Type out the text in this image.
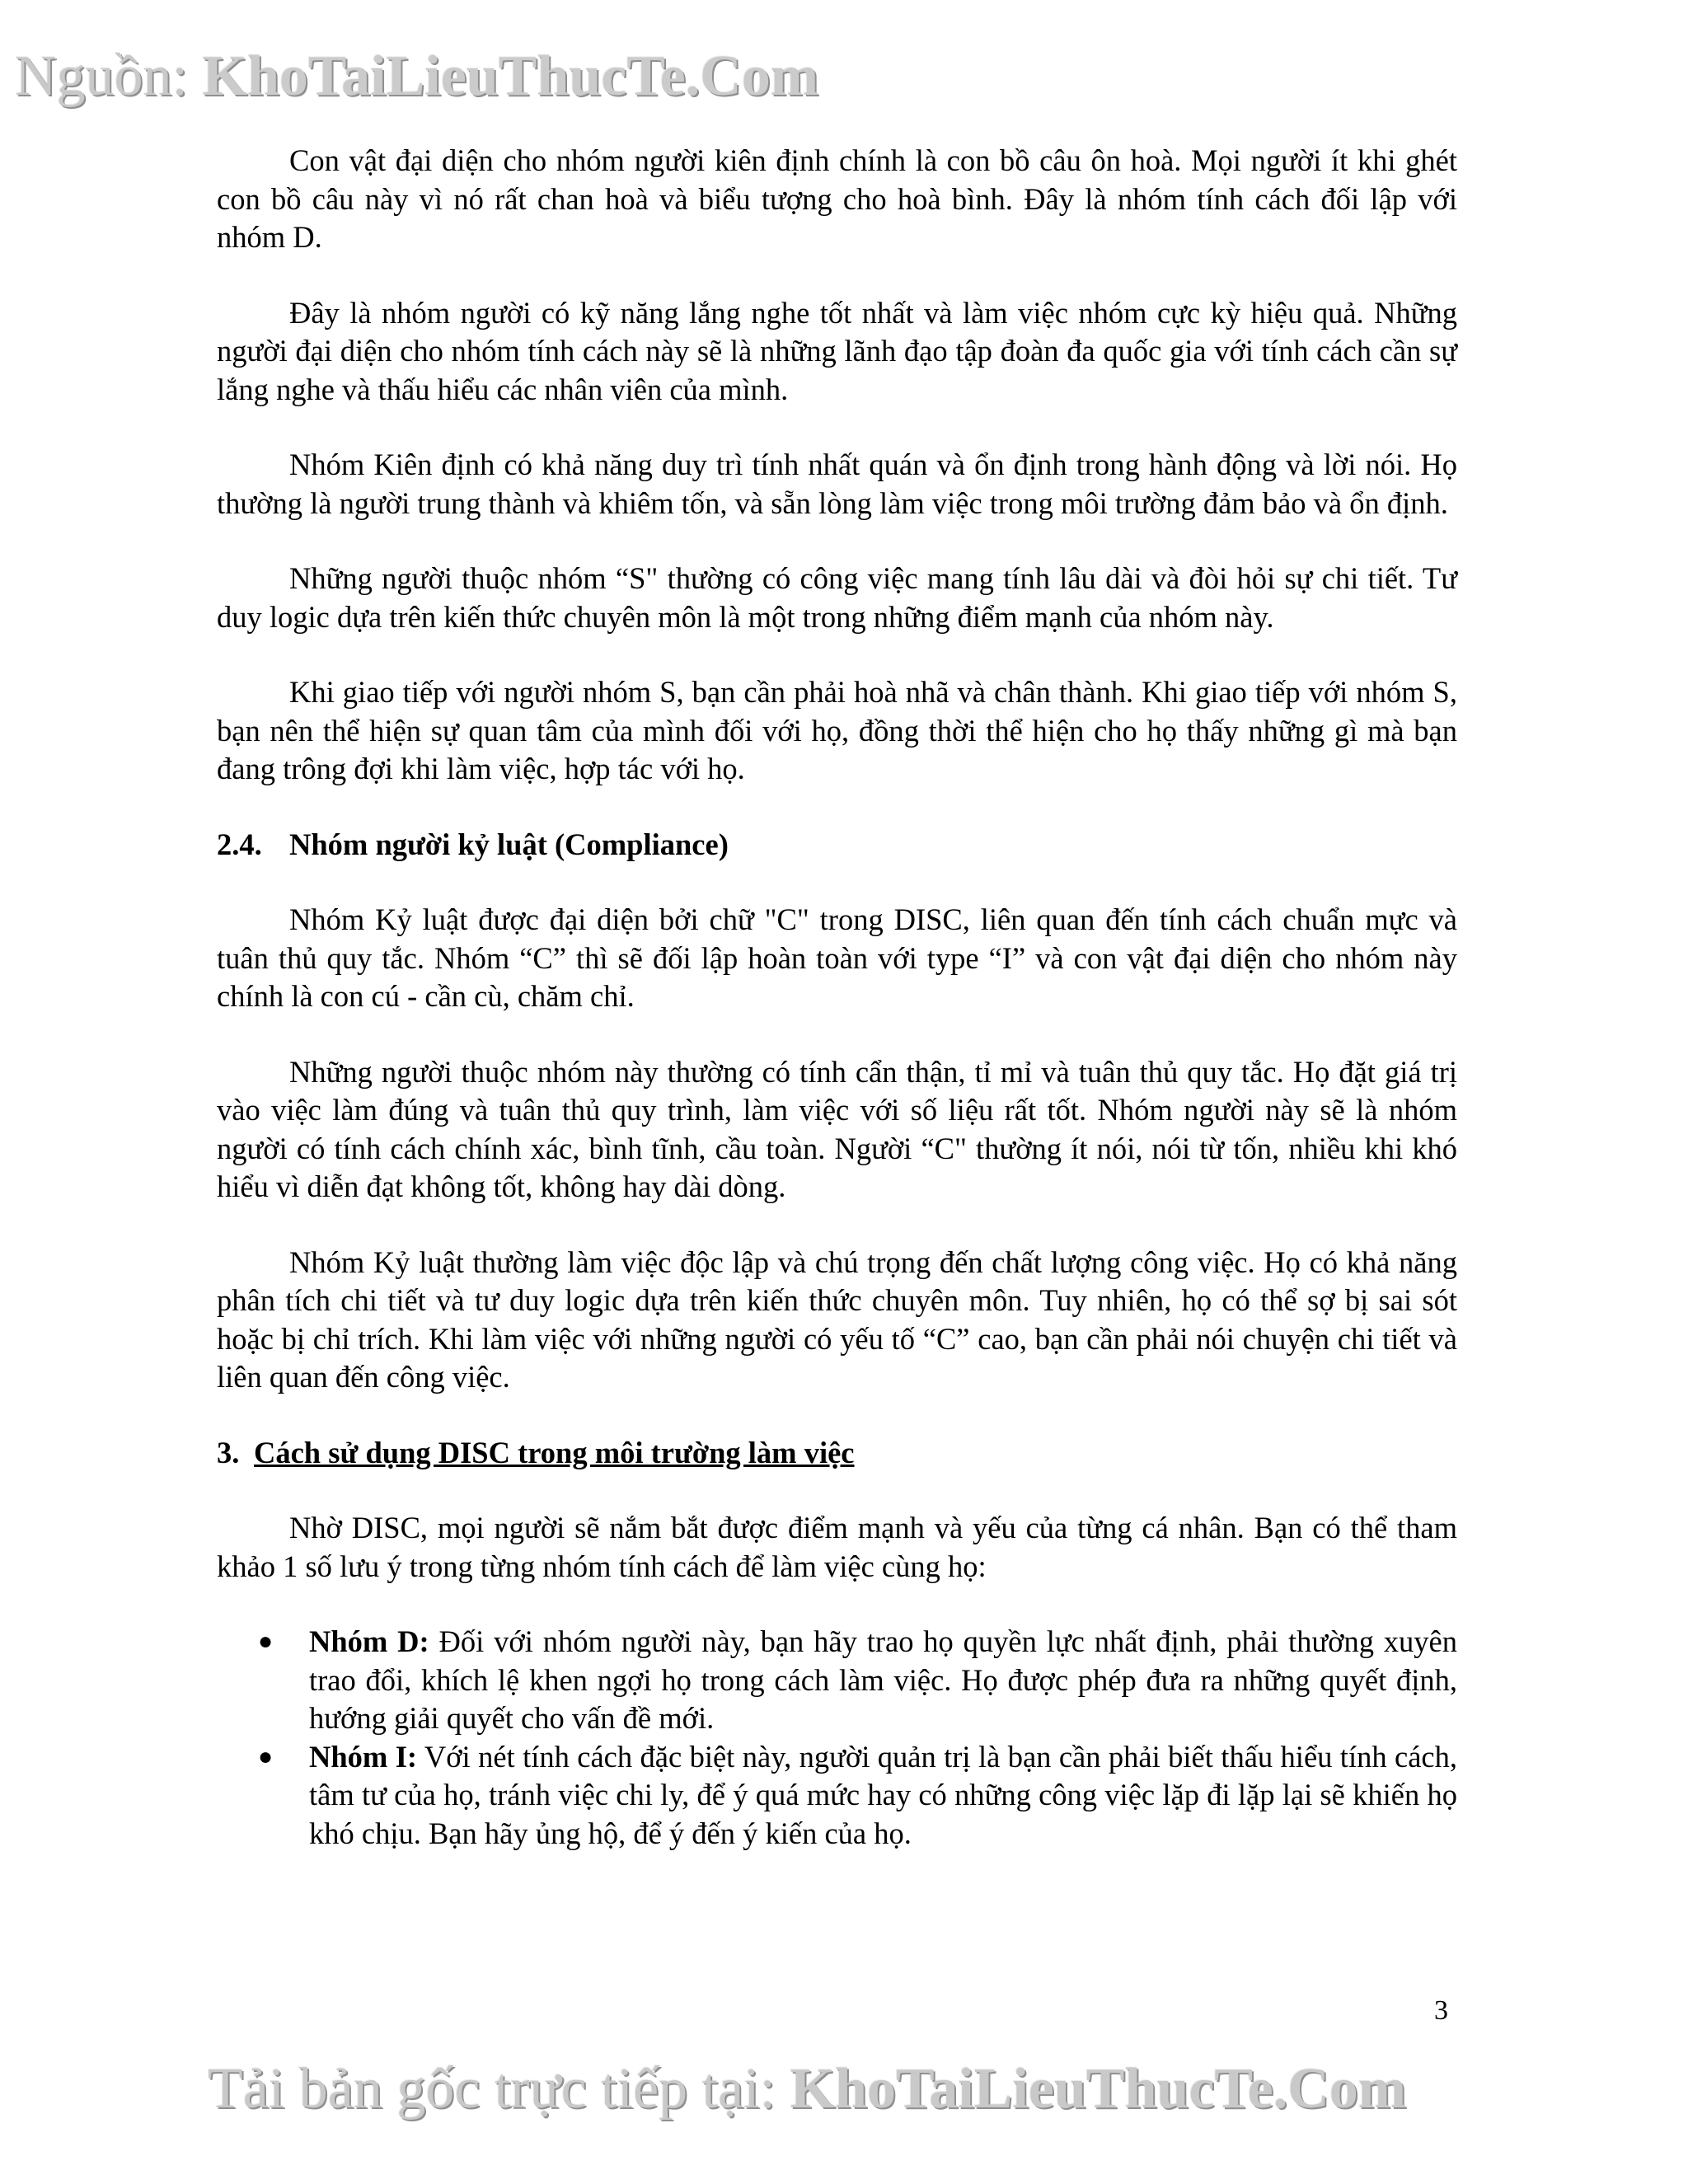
Nguồn: KhoTaiLieuThucTe.Com

Con vật đại diện cho nhóm người kiên định chính là con bồ câu ôn hoà. Mọi người ít khi ghét con bồ câu này vì nó rất chan hoà và biểu tượng cho hoà bình. Đây là nhóm tính cách đối lập với nhóm D.

Đây là nhóm người có kỹ năng lắng nghe tốt nhất và làm việc nhóm cực kỳ hiệu quả. Những người đại diện cho nhóm tính cách này sẽ là những lãnh đạo tập đoàn đa quốc gia với tính cách cần sự lắng nghe và thấu hiểu các nhân viên của mình.

Nhóm Kiên định có khả năng duy trì tính nhất quán và ổn định trong hành động và lời nói. Họ thường là người trung thành và khiêm tốn, và sẵn lòng làm việc trong môi trường đảm bảo và ổn định.

Những người thuộc nhóm “S" thường có công việc mang tính lâu dài và đòi hỏi sự chi tiết. Tư duy logic dựa trên kiến thức chuyên môn là một trong những điểm mạnh của nhóm này.

Khi giao tiếp với người nhóm S, bạn cần phải hoà nhã và chân thành. Khi giao tiếp với nhóm S, bạn nên thể hiện sự quan tâm của mình đối với họ, đồng thời thể hiện cho họ thấy những gì mà bạn đang trông đợi khi làm việc, hợp tác với họ.

2.4. Nhóm người kỷ luật (Compliance)

Nhóm Kỷ luật được đại diện bởi chữ "C" trong DISC, liên quan đến tính cách chuẩn mực và tuân thủ quy tắc. Nhóm “C” thì sẽ đối lập hoàn toàn với type “I” và con vật đại diện cho nhóm này chính là con cú - cần cù, chăm chỉ.

Những người thuộc nhóm này thường có tính cẩn thận, tỉ mỉ và tuân thủ quy tắc. Họ đặt giá trị vào việc làm đúng và tuân thủ quy trình, làm việc với số liệu rất tốt. Nhóm người này sẽ là nhóm người có tính cách chính xác, bình tĩnh, cầu toàn. Người “C" thường ít nói, nói từ tốn, nhiều khi khó hiểu vì diễn đạt không tốt, không hay dài dòng.

Nhóm Kỷ luật thường làm việc độc lập và chú trọng đến chất lượng công việc. Họ có khả năng phân tích chi tiết và tư duy logic dựa trên kiến thức chuyên môn. Tuy nhiên, họ có thể sợ bị sai sót hoặc bị chỉ trích. Khi làm việc với những người có yếu tố “C” cao, bạn cần phải nói chuyện chi tiết và liên quan đến công việc.

3. Cách sử dụng DISC trong môi trường làm việc

Nhờ DISC, mọi người sẽ nắm bắt được điểm mạnh và yếu của từng cá nhân. Bạn có thể tham khảo 1 số lưu ý trong từng nhóm tính cách để làm việc cùng họ:

● Nhóm D: Đối với nhóm người này, bạn hãy trao họ quyền lực nhất định, phải thường xuyên trao đổi, khích lệ khen ngợi họ trong cách làm việc. Họ được phép đưa ra những quyết định, hướng giải quyết cho vấn đề mới.
● Nhóm I: Với nét tính cách đặc biệt này, người quản trị là bạn cần phải biết thấu hiểu tính cách, tâm tư của họ, tránh việc chi ly, để ý quá mức hay có những công việc lặp đi lặp lại sẽ khiến họ khó chịu. Bạn hãy ủng hộ, để ý đến ý kiến của họ.
3
Tải bản gốc trực tiếp tại: KhoTaiLieuThucTe.Com
